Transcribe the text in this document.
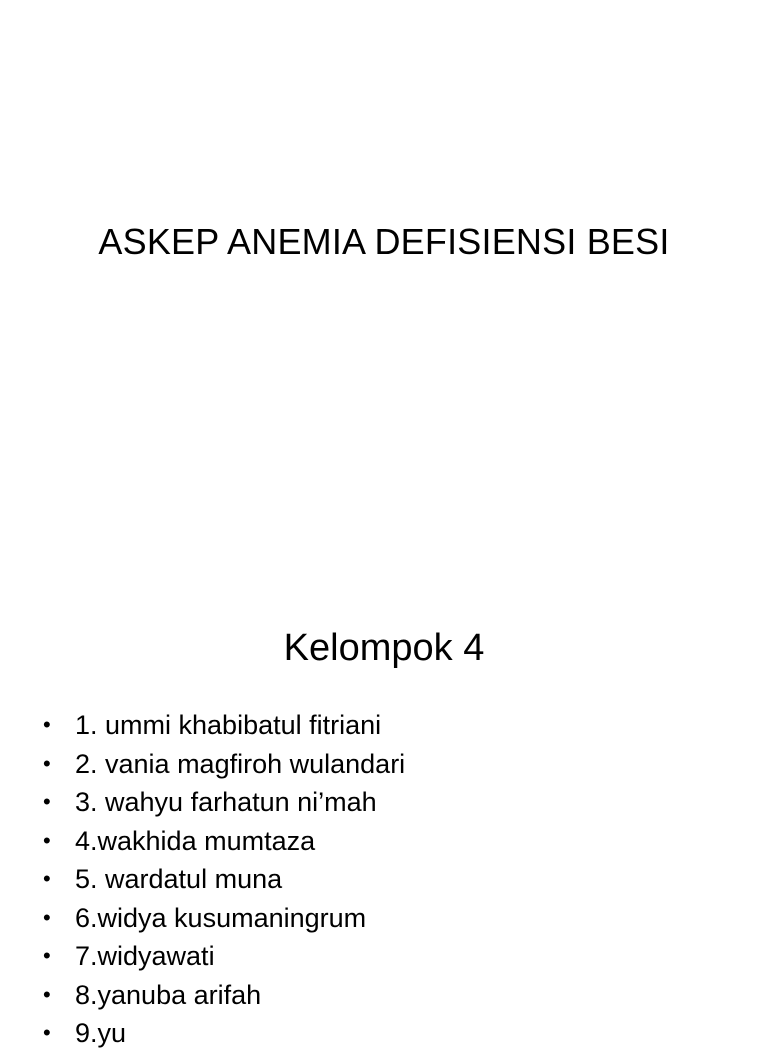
ASKEP ANEMIA DEFISIENSI BESI
Kelompok 4
• 1. ummi khabibatul fitriani
• 2. vania magfiroh wulandari
• 3. wahyu farhatun ni’mah
• 4.wakhida mumtaza
• 5. wardatul muna
• 6.widya kusumaningrum
• 7.widyawati
• 8.yanuba arifah
• 9.yu
